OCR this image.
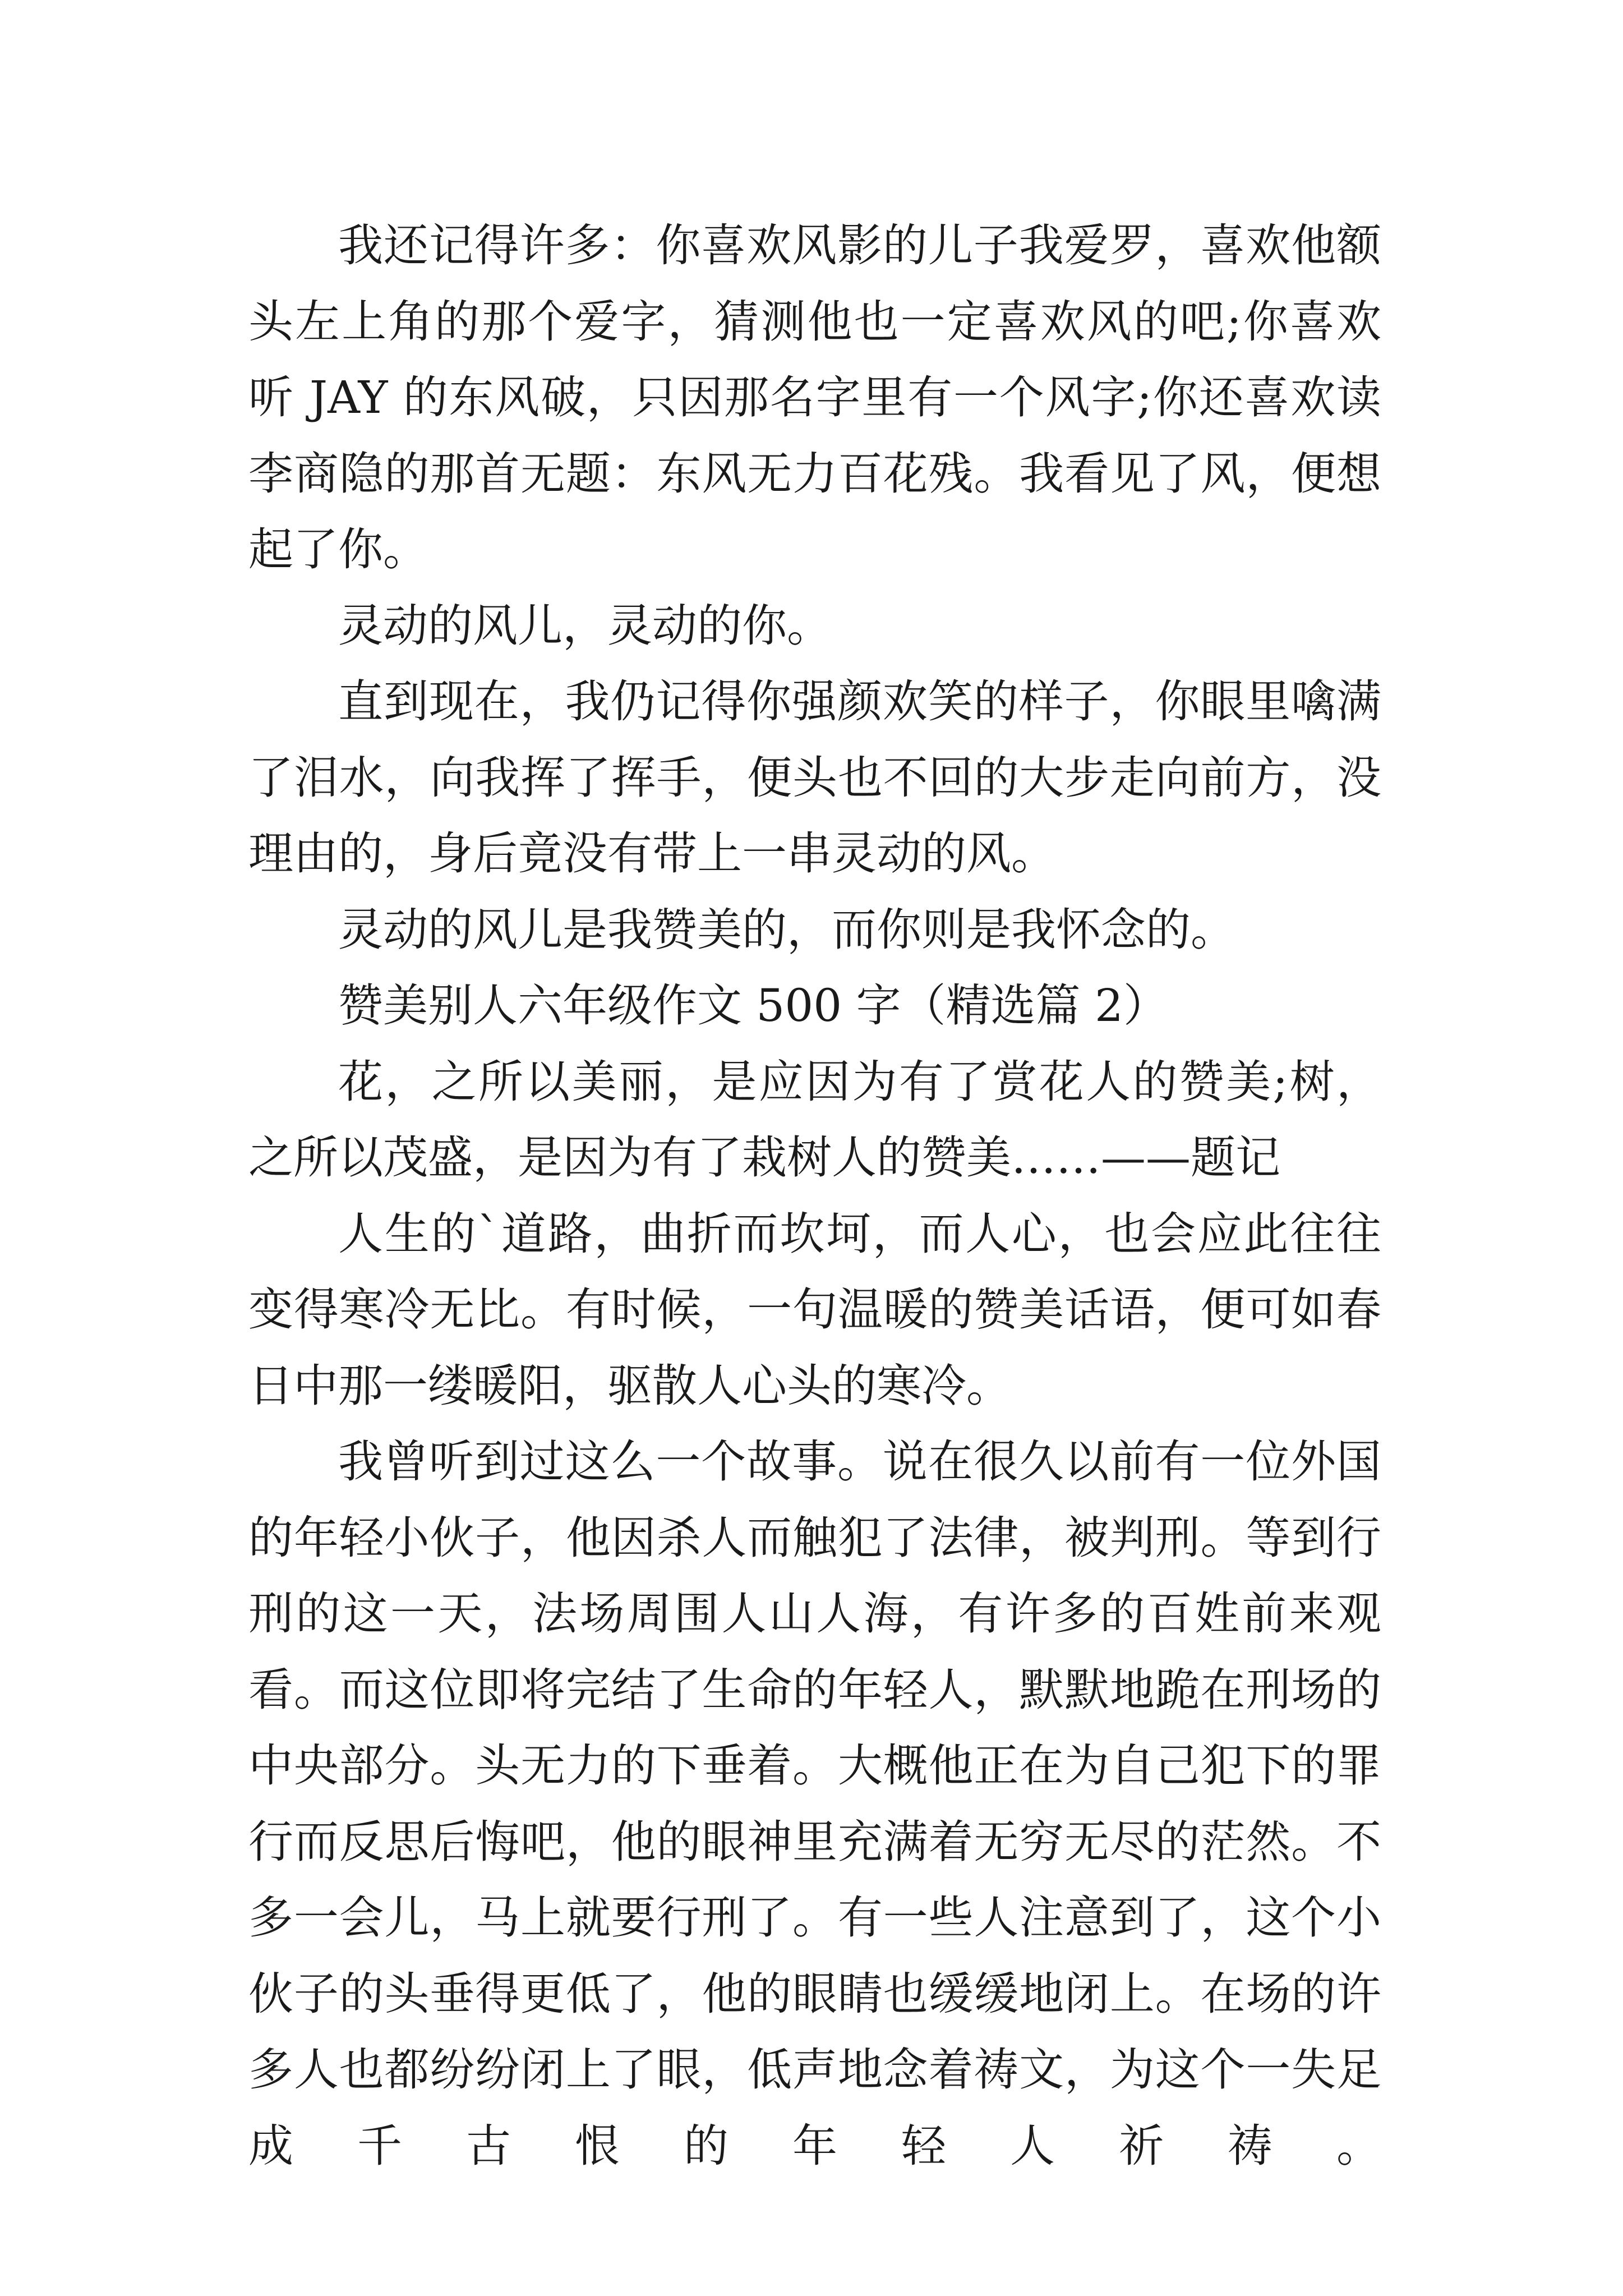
我还记得许多：你喜欢风影的儿子我爱罗，喜欢他额头左上角的那个爱字，猜测他也一定喜欢风的吧;你喜欢听 JAY 的东风破，只因那名字里有一个风字;你还喜欢读李商隐的那首无题：东风无力百花残。我看见了风，便想起了你。

灵动的风儿，灵动的你。

直到现在，我仍记得你强颜欢笑的样子，你眼里噙满了泪水，向我挥了挥手，便头也不回的大步走向前方，没理由的，身后竟没有带上一串灵动的风。

灵动的风儿是我赞美的，而你则是我怀念的。

赞美别人六年级作文 500 字（精选篇 2）

花，之所以美丽，是应因为有了赏花人的赞美;树，之所以茂盛，是因为有了栽树人的赞美……——题记

人生的`道路，曲折而坎坷，而人心，也会应此往往变得寒冷无比。有时候，一句温暖的赞美话语，便可如春日中那一缕暖阳，驱散人心头的寒冷。

我曾听到过这么一个故事。说在很久以前有一位外国的年轻小伙子，他因杀人而触犯了法律，被判刑。等到行刑的这一天，法场周围人山人海，有许多的百姓前来观看。而这位即将完结了生命的年轻人，默默地跪在刑场的中央部分。头无力的下垂着。大概他正在为自己犯下的罪行而反思后悔吧，他的眼神里充满着无穷无尽的茫然。不多一会儿，马上就要行刑了。有一些人注意到了，这个小伙子的头垂得更低了，他的眼睛也缓缓地闭上。在场的许多人也都纷纷闭上了眼，低声地念着祷文，为这个一失足成千古恨的年轻人祈祷。
